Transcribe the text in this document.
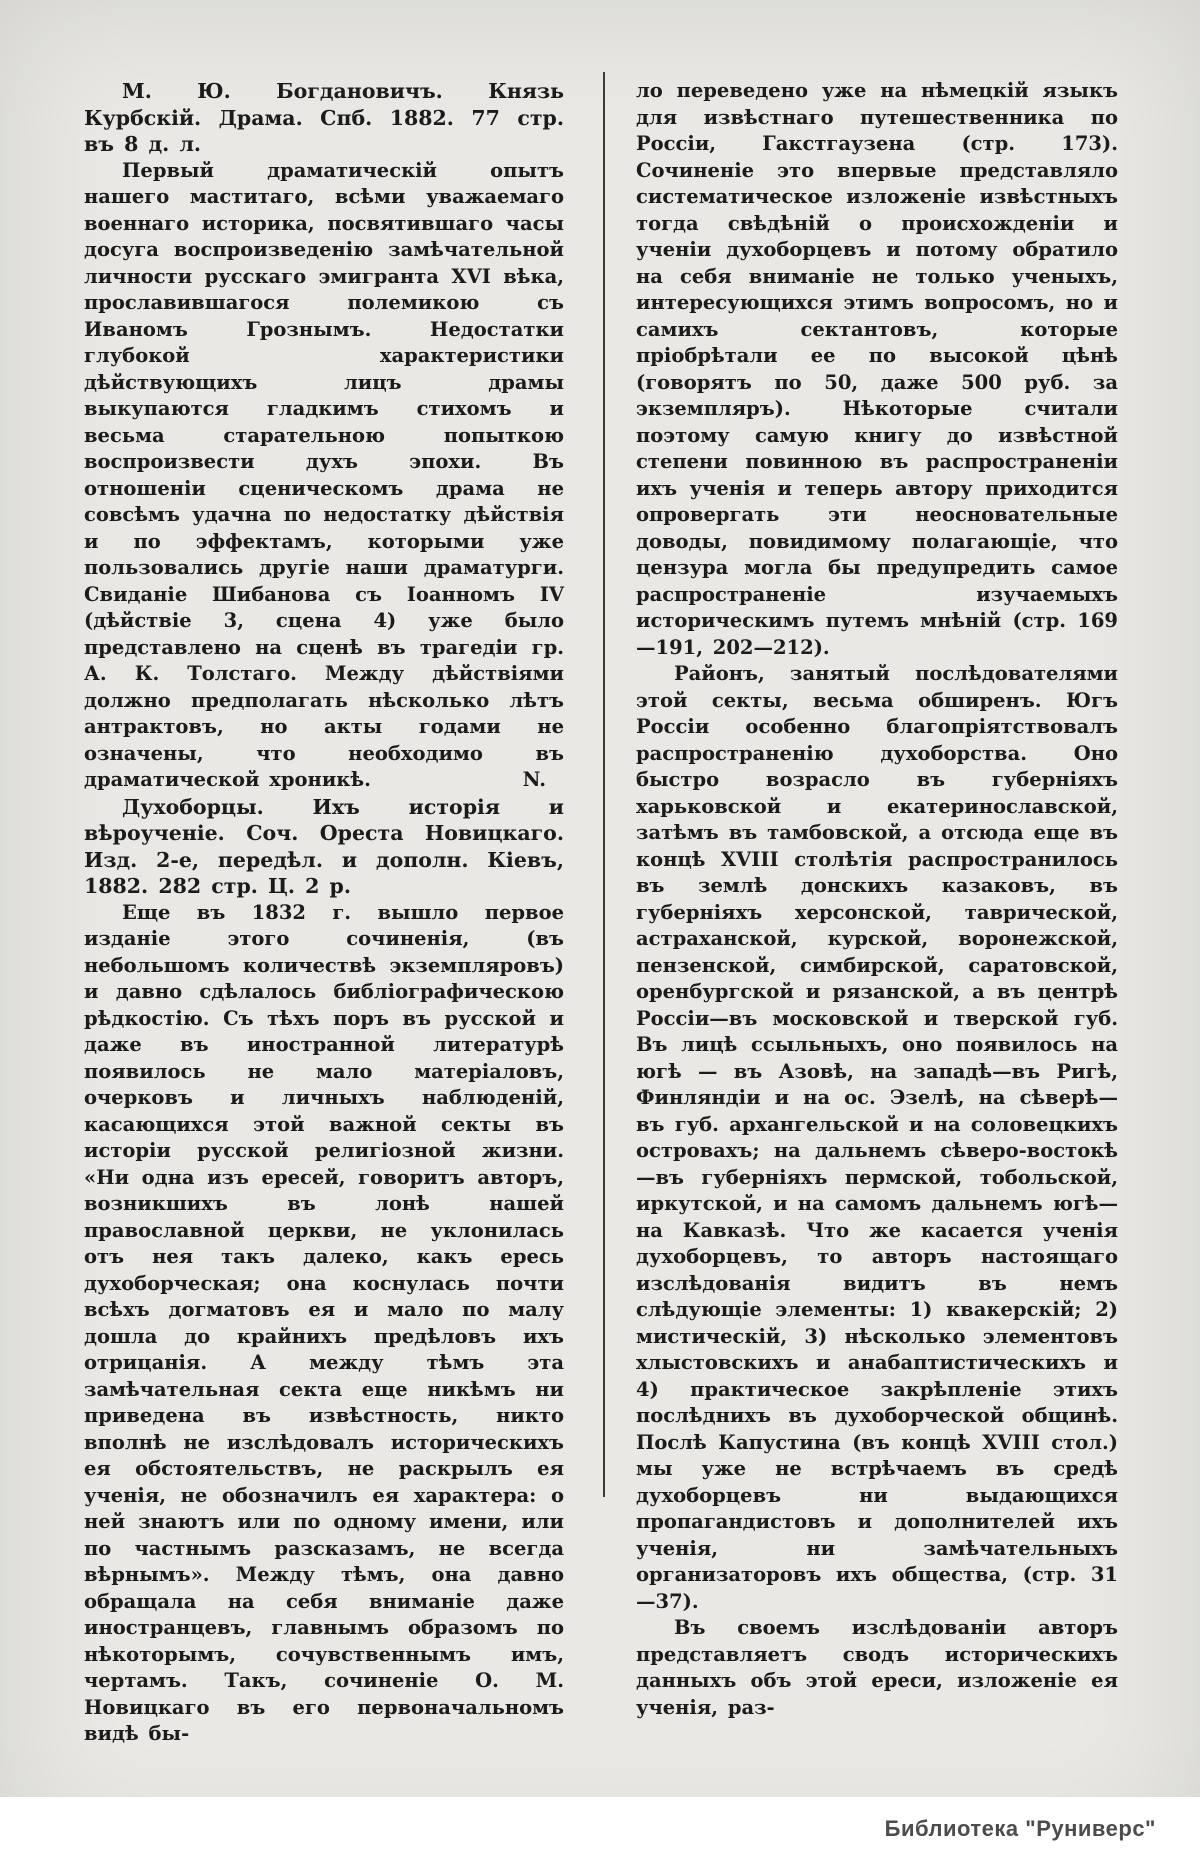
М. Ю. Богдановичъ. Князь Курбскій. Драма. Спб. 1882. 77 стр. въ 8 д. л.

Первый драматическій опытъ нашего маститаго, всѣми уважаемаго военнаго историка, посвятившаго часы досуга воспроизведенію замѣчательной личности русскаго эмигранта XVI вѣка, прославившагося полемикою съ Иваномъ Грознымъ. Недостатки глубокой характеристики дѣйствующихъ лицъ драмы выкупаются гладкимъ стихомъ и весьма старательною попыткою воспроизвести духъ эпохи. Въ отношеніи сценическомъ драма не совсѣмъ удачна по недостатку дѣйствія и по эффектамъ, которыми уже пользовались другіе наши драматурги. Свиданіе Шибанова съ Іоанномъ IV (дѣйствіе 3, сцена 4) уже было представлено на сценѣ въ трагедіи гр. А. К. Толстаго. Между дѣйствіями должно предполагать нѣсколько лѣтъ антрактовъ, но акты годами не означены, что необходимо въ драматической хроникѣ.	N.

Духоборцы. Ихъ исторія и вѣроученіе. Соч. Ореста Новицкаго. Изд. 2-е, передѣл. и дополн. Кіевъ, 1882. 282 стр. Ц. 2 р.

Еще въ 1832 г. вышло первое изданіе этого сочиненія, (въ небольшомъ количествѣ экземпляровъ) и давно сдѣлалось библіографическою рѣдкостію. Съ тѣхъ поръ въ русской и даже въ иностранной литературѣ появилось не мало матеріаловъ, очерковъ и личныхъ наблюденій, касающихся этой важной секты въ исторіи русской религіозной жизни. «Ни одна изъ ересей, говоритъ авторъ, возникшихъ въ лонѣ нашей православной церкви, не уклонилась отъ нея такъ далеко, какъ ересь духоборческая; она коснулась почти всѣхъ догматовъ ея и мало по малу дошла до крайнихъ предѣловъ ихъ отрицанія. А между тѣмъ эта замѣчательная секта еще никѣмъ ни приведена въ извѣстность, никто вполнѣ не изслѣдовалъ историческихъ ея обстоятельствъ, не раскрылъ ея ученія, не обозначилъ ея характера: о ней знаютъ или по одному имени, или по частнымъ разсказамъ, не всегда вѣрнымъ». Между тѣмъ, она давно обращала на себя вниманіе даже иностранцевъ, главнымъ образомъ по нѣкоторымъ, сочувственнымъ имъ, чертамъ. Такъ, сочиненіе О. М. Новицкаго въ его первоначальномъ видѣ бы-

ло переведено уже на нѣмецкій языкъ для извѣстнаго путешественника по Россіи, Гакстгаузена (стр. 173). Сочиненіе это впервые представляло систематическое изложеніе извѣстныхъ тогда свѣдѣній о происхожденіи и ученіи духоборцевъ и потому обратило на себя вниманіе не только ученыхъ, интересующихся этимъ вопросомъ, но и самихъ сектантовъ, которые пріобрѣтали ее по высокой цѣнѣ (говорятъ по 50, даже 500 руб. за экземпляръ). Нѣкоторые считали поэтому самую книгу до извѣстной степени повинною въ распространеніи ихъ ученія и теперь автору приходится опровергать эти неосновательные доводы, повидимому полагающіе, что цензура могла бы предупредить самое распространеніе изучаемыхъ историческимъ путемъ мнѣній (стр. 169—191, 202—212).

Районъ, занятый послѣдователями этой секты, весьма обширенъ. Югъ Россіи особенно благопріятствовалъ распространенію духоборства. Оно быстро возрасло въ губерніяхъ харьковской и екатеринославской, затѣмъ въ тамбовской, а отсюда еще въ концѣ XVIII столѣтія распространилось въ землѣ донскихъ казаковъ, въ губерніяхъ херсонской, таврической, астраханской, курской, воронежской, пензенской, симбирской, саратовской, оренбургской и рязанской, а въ центрѣ Россіи—въ московской и тверской губ. Въ лицѣ ссыльныхъ, оно появилось на югѣ — въ Азовѣ, на западѣ—въ Ригѣ, Финляндіи и на ос. Эзелѣ, на сѣверѣ—въ губ. архангельской и на соловецкихъ островахъ; на дальнемъ сѣверо-востокѣ—въ губерніяхъ пермской, тобольской, иркутской, и на самомъ дальнемъ югѣ—на Кавказѣ. Что же касается ученія духоборцевъ, то авторъ настоящаго изслѣдованія видитъ въ немъ слѣдующіе элементы: 1) квакерскій; 2) мистическій, 3) нѣсколько элементовъ хлыстовскихъ и анабаптистическихъ и 4) практическое закрѣпленіе этихъ послѣднихъ въ духоборческой общинѣ. Послѣ Капустина (въ концѣ XVIII стол.) мы уже не встрѣчаемъ въ средѣ духоборцевъ ни выдающихся пропагандистовъ и дополнителей ихъ ученія, ни замѣчательныхъ организаторовъ ихъ общества, (стр. 31—37).

Въ своемъ изслѣдованіи авторъ представляетъ сводъ историческихъ данныхъ объ этой ереси, изложеніе ея ученія, раз-

Библиотека "Руниверс"
